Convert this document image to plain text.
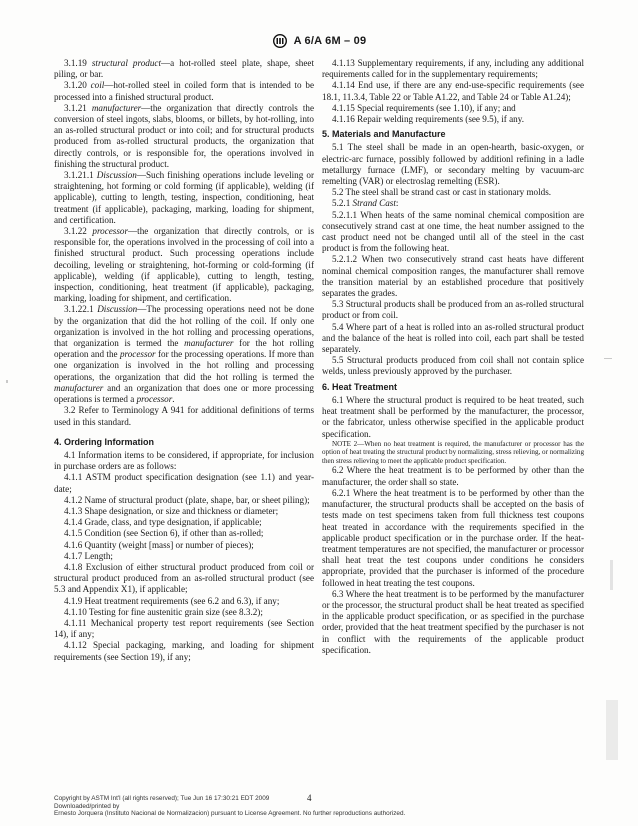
A 6/A 6M – 09

3.1.19 structural product—a hot-rolled steel plate, shape, sheet piling, or bar.

3.1.20 coil—hot-rolled steel in coiled form that is intended to be processed into a finished structural product.

3.1.21 manufacturer—the organization that directly controls the conversion of steel ingots, slabs, blooms, or billets, by hot-rolling, into an as-rolled structural product or into coil; and for structural products produced from as-rolled structural products, the organization that directly controls, or is responsible for, the operations involved in finishing the structural product.

3.1.21.1 Discussion—Such finishing operations include leveling or straightening, hot forming or cold forming (if applicable), welding (if applicable), cutting to length, testing, inspection, conditioning, heat treatment (if applicable), packaging, marking, loading for shipment, and certification.

3.1.22 processor—the organization that directly controls, or is responsible for, the operations involved in the processing of coil into a finished structural product. Such processing operations include decoiling, leveling or straightening, hot-forming or cold-forming (if applicable), welding (if applicable), cutting to length, testing, inspection, conditioning, heat treatment (if applicable), packaging, marking, loading for shipment, and certification.

3.1.22.1 Discussion—The processing operations need not be done by the organization that did the hot rolling of the coil. If only one organization is involved in the hot rolling and processing operations, that organization is termed the manufacturer for the hot rolling operation and the processor for the processing operations. If more than one organization is involved in the hot rolling and processing operations, the organization that did the hot rolling is termed the manufacturer and an organization that does one or more processing operations is termed a processor.

3.2 Refer to Terminology A 941 for additional definitions of terms used in this standard.

4. Ordering Information

4.1 Information items to be considered, if appropriate, for inclusion in purchase orders are as follows:

4.1.1 ASTM product specification designation (see 1.1) and year-date;

4.1.2 Name of structural product (plate, shape, bar, or sheet piling);

4.1.3 Shape designation, or size and thickness or diameter;

4.1.4 Grade, class, and type designation, if applicable;

4.1.5 Condition (see Section 6), if other than as-rolled;

4.1.6 Quantity (weight [mass] or number of pieces);

4.1.7 Length;

4.1.8 Exclusion of either structural product produced from coil or structural product produced from an as-rolled structural product (see 5.3 and Appendix X1), if applicable;

4.1.9 Heat treatment requirements (see 6.2 and 6.3), if any;

4.1.10 Testing for fine austenitic grain size (see 8.3.2);

4.1.11 Mechanical property test report requirements (see Section 14), if any;

4.1.12 Special packaging, marking, and loading for shipment requirements (see Section 19), if any;

4.1.13 Supplementary requirements, if any, including any additional requirements called for in the supplementary requirements;

4.1.14 End use, if there are any end-use-specific requirements (see 18.1, 11.3.4, Table 22 or Table A1.22, and Table 24 or Table A1.24);

4.1.15 Special requirements (see 1.10), if any; and

4.1.16 Repair welding requirements (see 9.5), if any.

5. Materials and Manufacture

5.1 The steel shall be made in an open-hearth, basic-oxygen, or electric-arc furnace, possibly followed by additionl refining in a ladle metallurgy furnace (LMF), or secondary melting by vacuum-arc remelting (VAR) or electroslag remelting (ESR).

5.2 The steel shall be strand cast or cast in stationary molds.

5.2.1 Strand Cast:

5.2.1.1 When heats of the same nominal chemical composition are consecutively strand cast at one time, the heat number assigned to the cast product need not be changed until all of the steel in the cast product is from the following heat.

5.2.1.2 When two consecutively strand cast heats have different nominal chemical composition ranges, the manufacturer shall remove the transition material by an established procedure that positively separates the grades.

5.3 Structural products shall be produced from an as-rolled structural product or from coil.

5.4 Where part of a heat is rolled into an as-rolled structural product and the balance of the heat is rolled into coil, each part shall be tested separately.

5.5 Structural products produced from coil shall not contain splice welds, unless previously approved by the purchaser.

6. Heat Treatment

6.1 Where the structural product is required to be heat treated, such heat treatment shall be performed by the manufacturer, the processor, or the fabricator, unless otherwise specified in the applicable product specification.

NOTE 2—When no heat treatment is required, the manufacturer or processor has the option of heat treating the structural product by normalizing, stress relieving, or normalizing then stress relieving to meet the applicable product specification.

6.2 Where the heat treatment is to be performed by other than the manufacturer, the order shall so state.

6.2.1 Where the heat treatment is to be performed by other than the manufacturer, the structural products shall be accepted on the basis of tests made on test specimens taken from full thickness test coupons heat treated in accordance with the requirements specified in the applicable product specification or in the purchase order. If the heat-treatment temperatures are not specified, the manufacturer or processor shall heat treat the test coupons under conditions he considers appropriate, provided that the purchaser is informed of the procedure followed in heat treating the test coupons.

6.3 Where the heat treatment is to be performed by the manufacturer or the processor, the structural product shall be heat treated as specified in the applicable product specification, or as specified in the purchase order, provided that the heat treatment specified by the purchaser is not in conflict with the requirements of the applicable product specification.

4
Copyright by ASTM Int'l (all rights reserved); Tue Jun 16 17:30:21 EDT 2009
Downloaded/printed by
Ernesto Jorquera (Instituto Nacional de Normalizacion) pursuant to License Agreement. No further reproductions authorized.
